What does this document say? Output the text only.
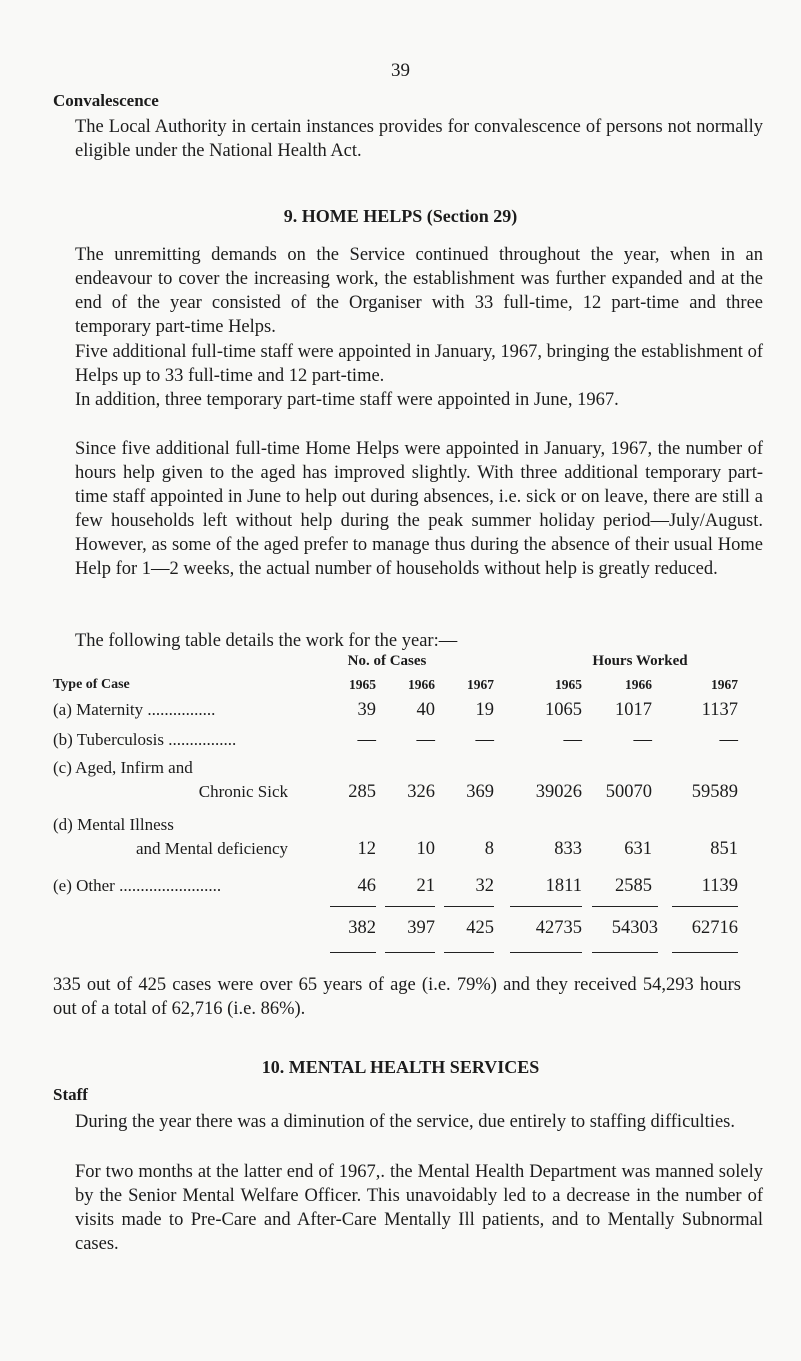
39
Convalescence
The Local Authority in certain instances provides for convalescence of persons not normally eligible under the National Health Act.
9. HOME HELPS (Section 29)
The unremitting demands on the Service continued throughout the year, when in an endeavour to cover the increasing work, the establishment was further expanded and at the end of the year consisted of the Organiser with 33 full-time, 12 part-time and three temporary part-time Helps.
Five additional full-time staff were appointed in January, 1967, bringing the establishment of Helps up to 33 full-time and 12 part-time.
In addition, three temporary part-time staff were appointed in June, 1967.
Since five additional full-time Home Helps were appointed in January, 1967, the number of hours help given to the aged has improved slightly. With three additional temporary part-time staff appointed in June to help out during absences, i.e. sick or on leave, there are still a few households left without help during the peak summer holiday period—July/August. However, as some of the aged prefer to manage thus during the absence of their usual Home Help for 1—2 weeks, the actual number of households without help is greatly reduced.
The following table details the work for the year:—
No. of Cases	Hours Worked
Type of Case	1965	1966	1967	1965	1966	1967
(a) Maternity ................	39	40	19	1065	1017	1137
(b) Tuberculosis ................	—	—	—	—	—	—
(c) Aged, Infirm and
Chronic Sick	285	326	369	39026	50070	59589
(d) Mental Illness
and Mental deficiency	12	10	8	833	631	851
(e) Other ........................	46	21	32	1811	2585	1139
382	397	425	42735	54303	62716
335 out of 425 cases were over 65 years of age (i.e. 79%) and they received 54,293 hours out of a total of 62,716 (i.e. 86%).
10. MENTAL HEALTH SERVICES
Staff
During the year there was a diminution of the service, due entirely to staffing difficulties.
For two months at the latter end of 1967,. the Mental Health Department was manned solely by the Senior Mental Welfare Officer. This unavoidably led to a decrease in the number of visits made to Pre-Care and After-Care Mentally Ill patients, and to Mentally Subnormal cases.
